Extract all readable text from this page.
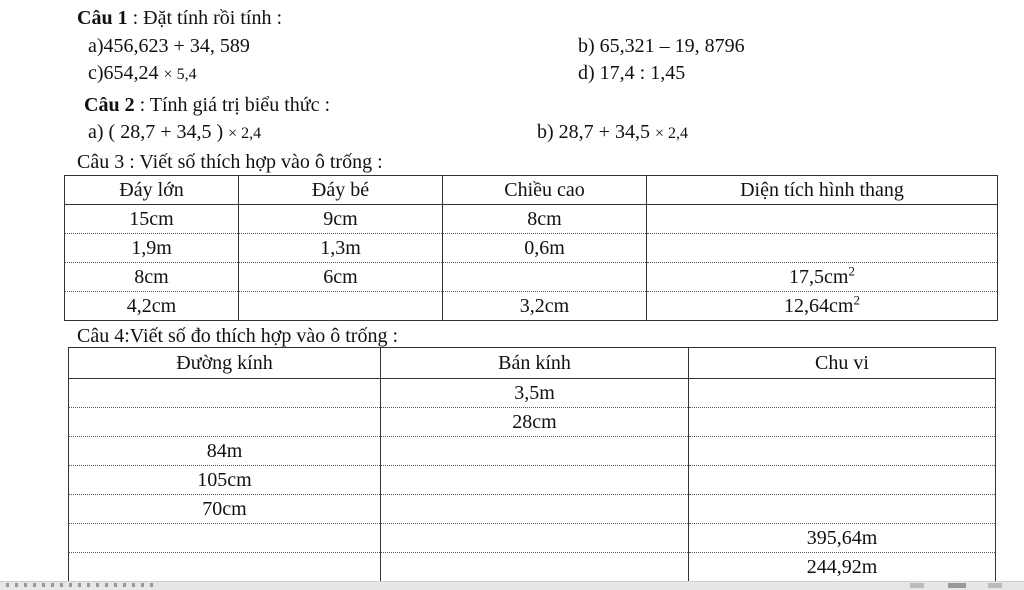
Câu 1 : Đặt tính rồi tính :
a)456,623 + 34, 589	b) 65,321 – 19, 8796
c)654,24 × 5,4	d) 17,4 : 1,45
Câu 2 : Tính giá trị biểu thức :
a) ( 28,7 + 34,5 ) × 2,4	b) 28,7 + 34,5 × 2,4
Câu 3 : Viết số thích hợp vào ô trống :
Đáy lớn	Đáy bé	Chiều cao	Diện tích hình thang
15cm	9cm	8cm	
1,9m	1,3m	0,6m	
8cm	6cm		$17,5cm^2$
4,2cm		3,2cm	$12,64cm^2$
Câu 4:Viết số đo thích hợp vào ô trống :
Đường kính	Bán kính	Chu vi
	3,5m	
	28cm	
84m		
105cm		
70cm		
		395,64m
		244,92m
